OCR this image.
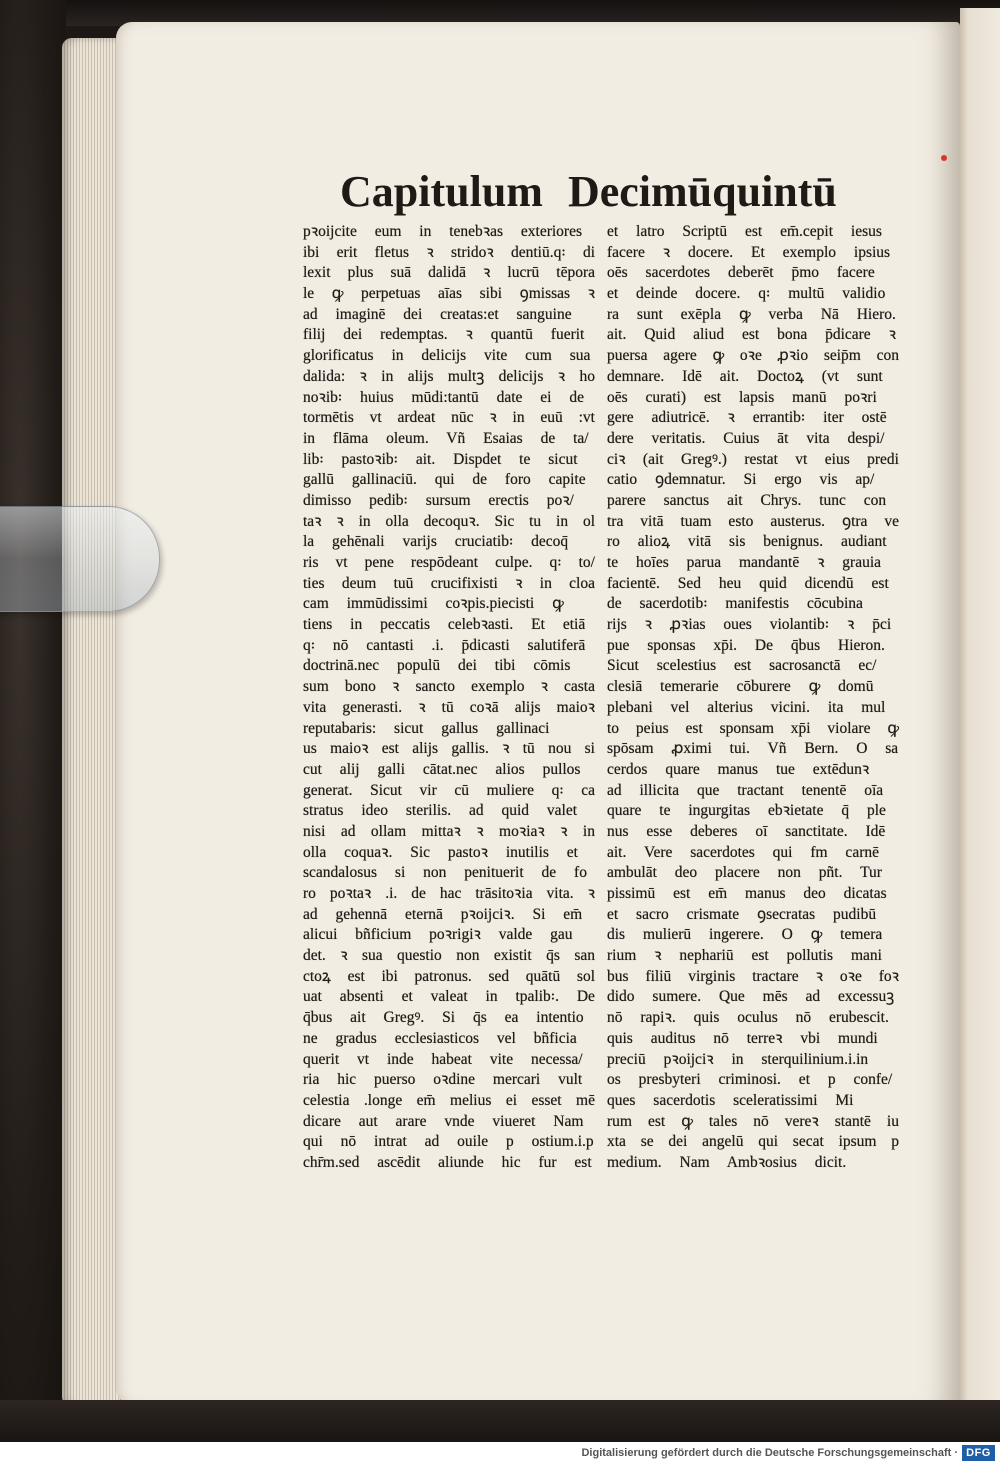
Capitulum Decimūquintū
pꝛoijcite eum in tenebꝛas exteriores
ibi erit fletus ꝛ stridoꝛ dentiū.q꞉ di
lexit plus suā dalidā ꝛ lucrū tēpora
le ꝙ perpetuas aīas sibi ꝯmissas ꝛ
ad imaginē dei creatas:et sanguine
filij dei redemptas. ꝛ quantū fuerit
glorificatus in delicijs vite cum sua
dalida: ꝛ in alijs multꝫ delicijs ꝛ ho
noꝛib꞉ huius mūdi:tantū date ei de
tormētis vt ardeat nūc ꝛ in euū :vt
in flāma oleum. Vñ Esaias de ta/
lib꞉ pastoꝛib꞉ ait. Dispdet te sicut
gallū gallinaciū. qui de foro capite
dimisso pedib꞉ sursum erectis poꝛ/
taꝛ ꝛ in olla decoquꝛ. Sic tu in ol
la gehēnali varijs cruciatib꞉ decoq̄
ris vt pene respōdeant culpe. q꞉ to/
ties deum tuū crucifixisti ꝛ in cloa
cam immūdissimi coꝛpis.piecisti ꝙ
tiens in peccatis celebꝛasti. Et etiā
q꞉ nō cantasti .i. p̄dicasti salutiferā
doctrinā.nec populū dei tibi cōmis
sum bono ꝛ sancto exemplo ꝛ casta
vita generasti. ꝛ tū coꝛā alijs maioꝛ
reputabaris: sicut gallus gallinaci
us maioꝛ est alijs gallis. ꝛ tū nou si
cut alij galli cātat.nec alios pullos
generat. Sicut vir cū muliere q꞉ ca
stratus ideo sterilis. ad quid valet
nisi ad ollam mittaꝛ ꝛ moꝛiaꝛ ꝛ in
olla coquaꝛ. Sic pastoꝛ inutilis et
scandalosus si non penituerit de fo
ro poꝛtaꝛ .i. de hac trāsitoꝛia vita. ꝛ
ad gehennā eternā pꝛoijciꝛ. Si em̄
alicui bñficium poꝛrigiꝛ valde gau
det. ꝛ sua questio non existit q̄s san
ctoꝝ est ibi patronus. sed quātū sol
uat absenti et valeat in tpalib꞉. De
q̄bus ait Gregꝰ. Si q̄s ea intentio
ne gradus ecclesiasticos vel bñficia
querit vt inde habeat vite necessa/
ria hic puerso oꝛdine mercari vult
celestia .longe em̄ melius ei esset mē
dicare aut arare vnde viueret Nam
qui nō intrat ad ouile p ostium.i.p
chr̄m.sed ascēdit aliunde hic fur est
et latro Scriptū est em̄.cepit iesus
facere ꝛ docere. Et exemplo ipsius
oēs sacerdotes deberēt p̄mo facere
et deinde docere. q꞉ multū validio
ra sunt exēpla ꝙ verba Nā Hiero.
ait. Quid aliud est bona p̄dicare ꝛ
puersa agere ꝙ oꝛe ꝓꝛio seip̄m con
demnare. Idē ait. Doctoꝝ (vt sunt
oēs curati) est lapsis manū poꝛri
gere adiutricē. ꝛ errantib꞉ iter ostē
dere veritatis. Cuius āt vita despi/
ciꝛ (ait Gregꝰ.) restat vt eius predi
catio ꝯdemnatur. Si ergo vis ap/
parere sanctus ait Chrys. tunc con
tra vitā tuam esto austerus. ꝯtra ve
ro alioꝝ vitā sis benignus. audiant
te hoīes parua mandantē ꝛ grauia
facientē. Sed heu quid dicendū est
de sacerdotib꞉ manifestis cōcubina
rijs ꝛ ꝓꝛias oues violantib꞉ ꝛ p̄ci
pue sponsas xp̄i. De q̄bus Hieron.
Sicut scelestius est sacrosanctā ec/
clesiā temerarie cōburere ꝙ domū
plebani vel alterius vicini. ita mul
to peius est sponsam xp̄i violare ꝙ
spōsam ꝓximi tui. Vñ Bern. O sa
cerdos quare manus tue extēdunꝛ
ad illicita que tractant tenentē oīa
quare te ingurgitas ebꝛietate q̄ ple
nus esse deberes oī sanctitate. Idē
ait. Vere sacerdotes qui fm carnē
ambulāt deo placere non pñt. Tur
pissimū est em̄ manus deo dicatas
et sacro crismate ꝯsecratas pudibū
dis mulierū ingerere. O ꝙ temera
rium ꝛ nephariū est pollutis mani
bus filiū virginis tractare ꝛ oꝛe foꝛ
dido sumere. Que mēs ad excessuꝫ
nō rapiꝛ. quis oculus nō erubescit.
quis auditus nō terreꝛ vbi mundi
preciū pꝛoijciꝛ in sterquilinium.i.in
os presbyteri criminosi. et p confe/
ques sacerdotis sceleratissimi Mi
rum est ꝙ tales nō vereꝛ stantē iu
xta se dei angelū qui secat ipsum p
medium. Nam Ambꝛosius dicit.
Digitalisierung gefördert durch die Deutsche Forschungsgemeinschaft · DFG
